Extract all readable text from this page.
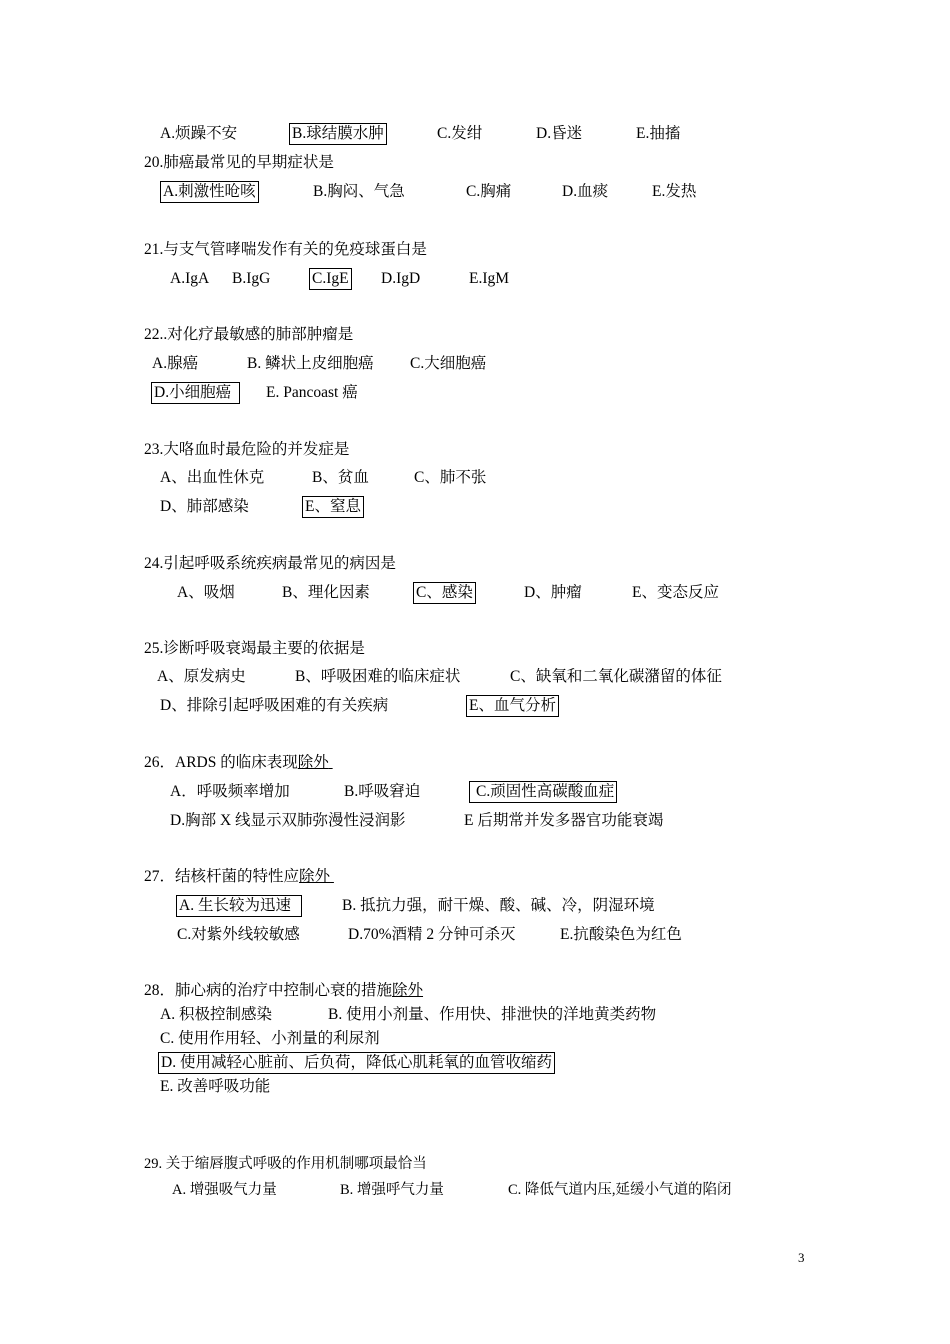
A.烦躁不安	B.球结膜水肿	C.发绀	D.昏迷	E.抽搐
20.肺癌最常见的早期症状是
A.刺激性呛咳	B.胸闷、气急	C.胸痛	D.血痰	E.发热
21.与支气管哮喘发作有关的免疫球蛋白是
A.IgA B.IgG	C.IgE D.IgD	E.IgM
22..对化疗最敏感的肺部肿瘤是
A.腺癌	B. 鳞状上皮细胞癌 C.大细胞癌
D.小细胞癌	E. Pancoast 癌
23.大咯血时最危险的并发症是
A、出血性休克	B、贫血	C、肺不张
D、肺部感染	E、窒息
24.引起呼吸系统疾病最常见的病因是
A、吸烟	B、理化因素	C、感染	D、肿瘤	E、变态反应
25.诊断呼吸衰竭最主要的依据是
A、原发病史	B、呼吸困难的临床症状	C、缺氧和二氧化碳潴留的体征
D、排除引起呼吸困难的有关疾病	E、血气分析
26．ARDS 的临床表现除外
A．呼吸频率增加	B.呼吸窘迫	C.顽固性高碳酸血症
D.胸部 X 线显示双肺弥漫性浸润影	E 后期常并发多器官功能衰竭
27．结核杆菌的特性应除外
A. 生长较为迅速	B. 抵抗力强，耐干燥、酸、碱、冷，阴湿环境
C.对紫外线较敏感	D.70%酒精 2 分钟可杀灭	E.抗酸染色为红色
28．肺心病的治疗中控制心衰的措施除外
A. 积极控制感染	B. 使用小剂量、作用快、排泄快的洋地黄类药物
C. 使用作用轻、小剂量的利尿剂
D. 使用减轻心脏前、后负荷，降低心肌耗氧的血管收缩药
E. 改善呼吸功能
29. 关于缩唇腹式呼吸的作用机制哪项最恰当
A. 增强吸气力量	B. 增强呼气力量	C. 降低气道内压,延缓小气道的陷闭
3
